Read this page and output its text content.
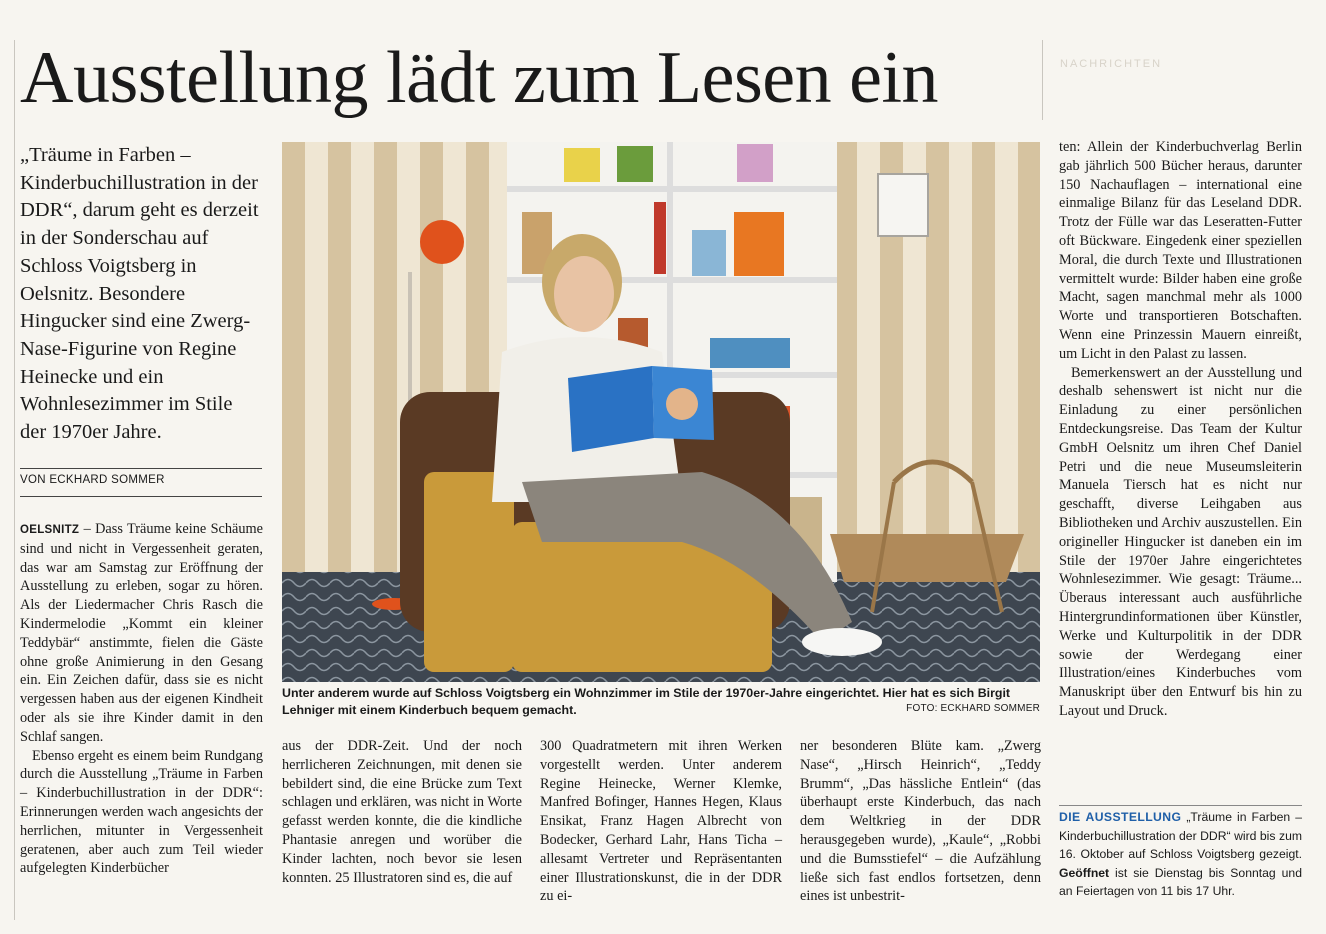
NACHRICHTEN
Ausstellung lädt zum Lesen ein

„Träume in Farben – Kinderbuchillustration in der DDR“, darum geht es derzeit in der Sonderschau auf Schloss Voigtsberg in Oelsnitz. Besondere Hingucker sind eine Zwerg-Nase-Figurine von Regine Heinecke und ein Wohnlesezimmer im Stile der 1970er Jahre.

VON ECKHARD SOMMER

OELSNITZ – Dass Träume keine Schäume sind und nicht in Vergessenheit geraten, das war am Samstag zur Eröffnung der Ausstellung zu erleben, sogar zu hören. Als der Liedermacher Chris Rasch die Kindermelodie „Kommt ein kleiner Teddybär“ anstimmte, fielen die Gäste ohne große Animierung in den Gesang ein. Ein Zeichen dafür, dass sie es nicht vergessen haben aus der eigenen Kindheit oder als sie ihre Kinder damit in den Schlaf sangen.

Ebenso ergeht es einem beim Rundgang durch die Ausstellung „Träume in Farben – Kinderbuchillustration in der DDR“: Erinnerungen werden wach angesichts der herrlichen, mitunter in Vergessenheit geratenen, aber auch zum Teil wieder aufgelegten Kinderbücher

Unter anderem wurde auf Schloss Voigtsberg ein Wohnzimmer im Stile der 1970er-Jahre eingerichtet. Hier hat es sich Birgit Lehniger mit einem Kinderbuch bequem gemacht.	FOTO: ECKHARD SOMMER

aus der DDR-Zeit. Und der noch herrlicheren Zeichnungen, mit denen sie bebildert sind, die eine Brücke zum Text schlagen und erklären, was nicht in Worte gefasst werden konnte, die die kindliche Phantasie anregen und worüber die Kinder lachten, noch bevor sie lesen konnten. 25 Illustratoren sind es, die auf

300 Quadratmetern mit ihren Werken vorgestellt werden. Unter anderem Regine Heinecke, Werner Klemke, Manfred Bofinger, Hannes Hegen, Klaus Ensikat, Franz Hagen Albrecht von Bodecker, Gerhard Lahr, Hans Ticha – allesamt Vertreter und Repräsentanten einer Illustrationskunst, die in der DDR zu ei-

ner besonderen Blüte kam. „Zwerg Nase“, „Hirsch Heinrich“, „Teddy Brumm“, „Das hässliche Entlein“ (das überhaupt erste Kinderbuch, das nach dem Weltkrieg in der DDR herausgegeben wurde), „Kaule“, „Robbi und die Bumsstiefel“ – die Aufzählung ließe sich fast endlos fortsetzen, denn eines ist unbestrit-

ten: Allein der Kinderbuchverlag Berlin gab jährlich 500 Bücher heraus, darunter 150 Nachauflagen – international eine einmalige Bilanz für das Leseland DDR. Trotz der Fülle war das Leseratten-Futter oft Bückware. Eingedenk einer speziellen Moral, die durch Texte und Illustrationen vermittelt wurde: Bilder haben eine große Macht, sagen manchmal mehr als 1000 Worte und transportieren Botschaften. Wenn eine Prinzessin Mauern einreißt, um Licht in den Palast zu lassen.

Bemerkenswert an der Ausstellung und deshalb sehenswert ist nicht nur die Einladung zu einer persönlichen Entdeckungsreise. Das Team der Kultur GmbH Oelsnitz um ihren Chef Daniel Petri und die neue Museumsleiterin Manuela Tiersch hat es nicht nur geschafft, diverse Leihgaben aus Bibliotheken und Archiv auszustellen. Ein origineller Hingucker ist daneben ein im Stile der 1970er Jahre eingerichtetes Wohnlesezimmer. Wie gesagt: Träume... Überaus interessant auch ausführliche Hintergrundinformationen über Künstler, Werke und Kulturpolitik in der DDR sowie der Werdegang einer Illustration/eines Kinderbuches vom Manuskript über den Entwurf bis hin zu Layout und Druck.

DIE AUSSTELLUNG „Träume in Farben – Kinderbuchillustration der DDR“ wird bis zum 16. Oktober auf Schloss Voigtsberg gezeigt. Geöffnet ist sie Dienstag bis Sonntag und an Feiertagen von 11 bis 17 Uhr.
